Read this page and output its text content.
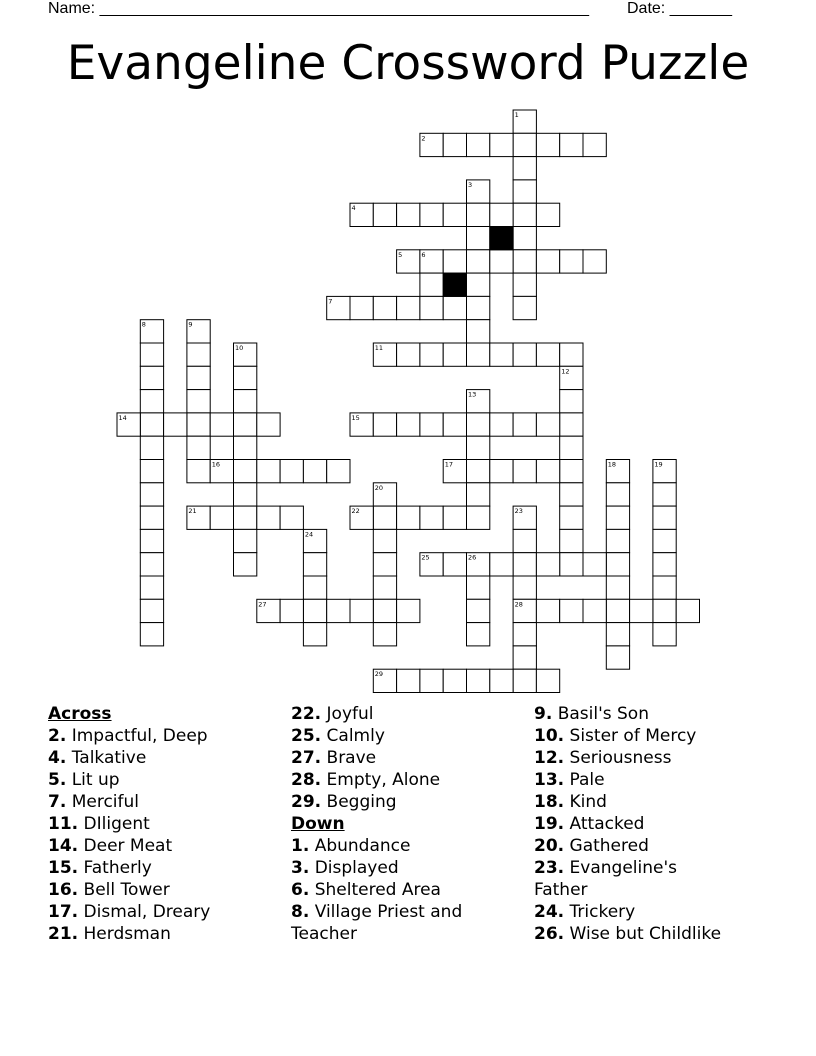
Name: _______________________________________________________ Date: _______
Evangeline Crossword Puzzle
1
2
3
4
5	6
7
8	9
10	11
12
13
14	15
16	17	18	19
20
21	22	23
24
25	26
27	28
29
Across
2. Impactful, Deep
4. Talkative
5. Lit up
7. Merciful
11. DIligent
14. Deer Meat
15. Fatherly
16. Bell Tower
17. Dismal, Dreary
21. Herdsman
22. Joyful
25. Calmly
27. Brave
28. Empty, Alone
29. Begging
Down
1. Abundance
3. Displayed
6. Sheltered Area
8. Village Priest and Teacher
9. Basil's Son
10. Sister of Mercy
12. Seriousness
13. Pale
18. Kind
19. Attacked
20. Gathered
23. Evangeline's Father
24. Trickery
26. Wise but Childlike
